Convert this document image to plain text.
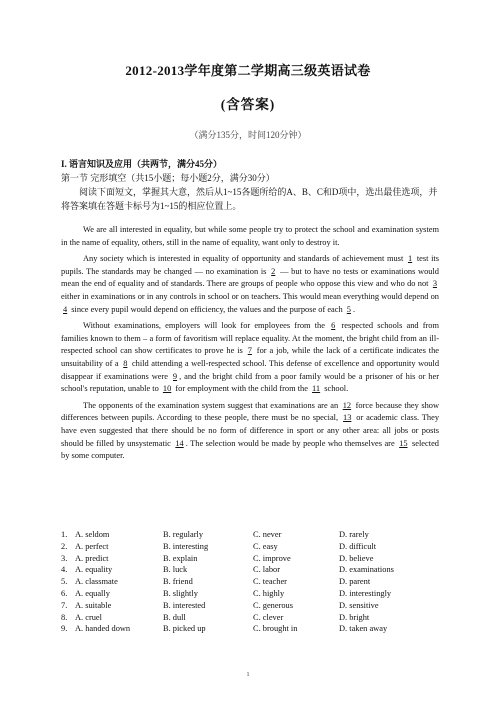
2012-2013学年度第二学期高三级英语试卷
(含答案)
（满分135分，时间120分钟）
I. 语言知识及应用（共两节，满分45分）
第一节 完形填空（共15小题；每小题2分，满分30分）
阅读下面短文，掌握其大意，然后从1~15各题所给的A、B、C和D项中，选出最佳选项，并将答案填在答题卡标号为1~15的相应位置上。

We are all interested in equality, but while some people try to protect the school and examination system in the name of equality, others, still in the name of equality, want only to destroy it.

Any society which is interested in equality of opportunity and standards of achievement must 1 test its pupils. The standards may be changed — no examination is 2 — but to have no tests or examinations would mean the end of equality and of standards. There are groups of people who oppose this view and who do not 3 either in examinations or in any controls in school or on teachers. This would mean everything would depend on 4 since every pupil would depend on efficiency, the values and the purpose of each 5 .

Without examinations, employers will look for employees from the 6 respected schools and from families known to them – a form of favoritism will replace equality. At the moment, the bright child from an ill-respected school can show certificates to prove he is 7 for a job, while the lack of a certificate indicates the unsuitability of a 8 child attending a well-respected school. This defense of excellence and opportunity would disappear if examinations were 9 , and the bright child from a poor family would be a prisoner of his or her school's reputation, unable to 10 for employment with the child from the 11 school.

The opponents of the examination system suggest that examinations are an 12 force because they show differences between pupils. According to these people, there must be no special, 13 or academic class. They have even suggested that there should be no form of difference in sport or any other area: all jobs or posts should be filled by unsystematic 14 . The selection would be made by people who themselves are 15 selected by some computer.

1. A. seldom	B. regularly	C. never	D. rarely
2. A. perfect	B. interesting	C. easy	D. difficult
3. A. predict	B. explain	C. improve	D. believe
4. A. equality	B. luck	C. labor	D. examinations
5. A. classmate	B. friend	C. teacher	D. parent
6. A. equally	B. slightly	C. highly	D. interestingly
7. A. suitable	B. interested	C. generous	D. sensitive
8. A. cruel	B. dull	C. clever	D. bright
9. A. handed down	B. picked up	C. brought in	D. taken away
1
